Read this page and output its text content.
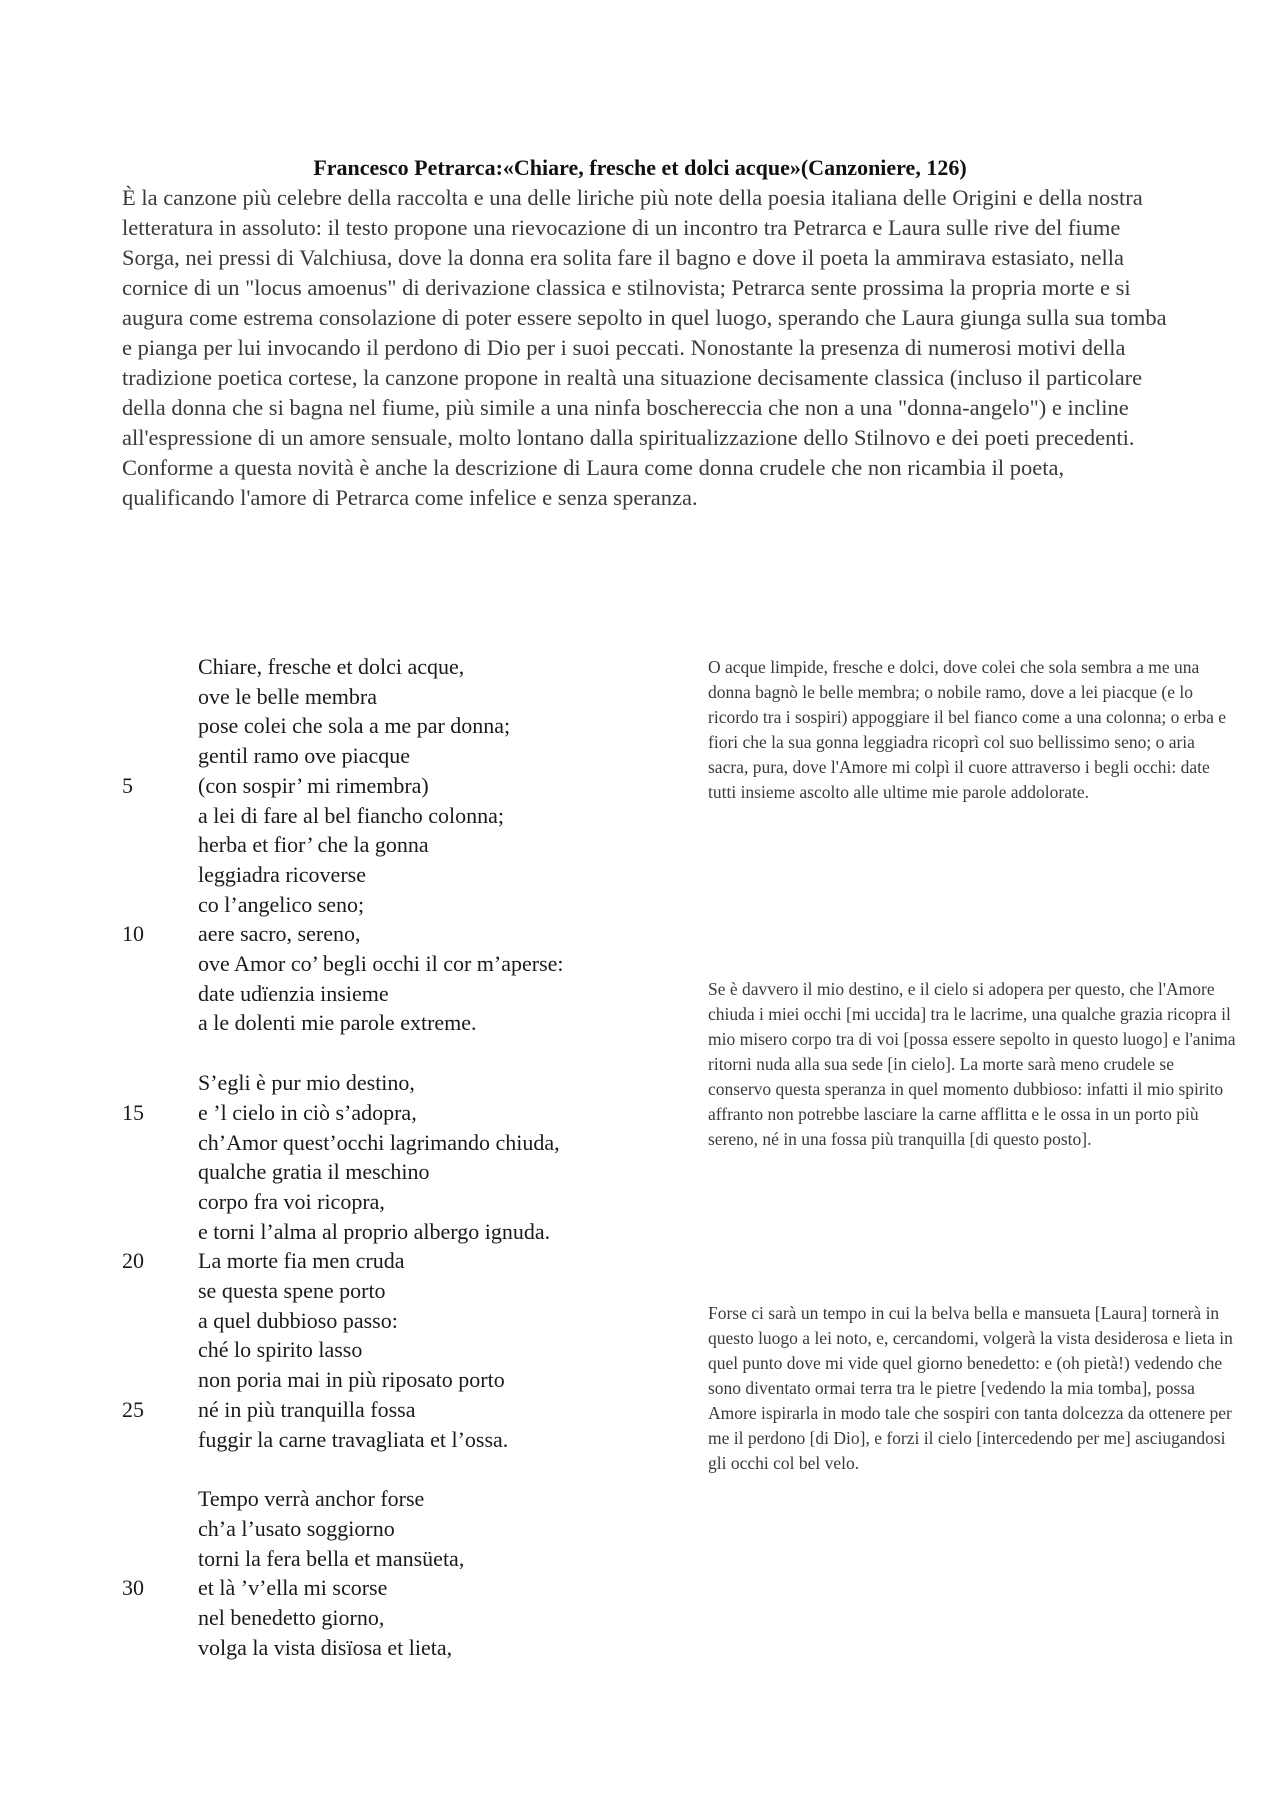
Francesco Petrarca:«Chiare, fresche et dolci acque»(Canzoniere, 126)

È la canzone più celebre della raccolta e una delle liriche più note della poesia italiana delle Origini e della nostra letteratura in assoluto: il testo propone una rievocazione di un incontro tra Petrarca e Laura sulle rive del fiume Sorga, nei pressi di Valchiusa, dove la donna era solita fare il bagno e dove il poeta la ammirava estasiato, nella cornice di un "locus amoenus" di derivazione classica e stilnovista; Petrarca sente prossima la propria morte e si augura come estrema consolazione di poter essere sepolto in quel luogo, sperando che Laura giunga sulla sua tomba e pianga per lui invocando il perdono di Dio per i suoi peccati. Nonostante la presenza di numerosi motivi della tradizione poetica cortese, la canzone propone in realtà una situazione decisamente classica (incluso il particolare della donna che si bagna nel fiume, più simile a una ninfa boschereccia che non a una "donna-angelo") e incline all'espressione di un amore sensuale, molto lontano dalla spiritualizzazione dello Stilnovo e dei poeti precedenti. Conforme a questa novità è anche la descrizione di Laura come donna crudele che non ricambia il poeta, qualificando l'amore di Petrarca come infelice e senza speranza.

Chiare, fresche et dolci acque,
ove le belle membra
pose colei che sola a me par donna;
gentil ramo ove piacque
5	(con sospir’ mi rimembra)
a lei di fare al bel fiancho colonna;
herba et fior’ che la gonna
leggiadra ricoverse
co l’angelico seno;
10 aere sacro, sereno,
ove Amor co’ begli occhi il cor m’aperse:
date udïenzia insieme
a le dolenti mie parole extreme.
S’egli è pur mio destino,
15 e ’l cielo in ciò s’adopra,
ch’Amor quest’occhi lagrimando chiuda,
qualche gratia il meschino
corpo fra voi ricopra,
e torni l’alma al proprio albergo ignuda.
20 La morte fia men cruda
se questa spene porto
a quel dubbioso passo:
ché lo spirito lasso
non poria mai in più riposato porto
25 né in più tranquilla fossa
fuggir la carne travagliata et l’ossa.
Tempo verrà anchor forse
ch’a l’usato soggiorno
torni la fera bella et mansüeta,
30 et là ’v’ella mi scorse
nel benedetto giorno,
volga la vista disïosa et lieta,

O acque limpide, fresche e dolci, dove colei che sola sembra a me una donna bagnò le belle membra; o nobile ramo, dove a lei piacque (e lo ricordo tra i sospiri) appoggiare il bel fianco come a una colonna; o erba e fiori che la sua gonna leggiadra ricoprì col suo bellissimo seno; o aria sacra, pura, dove l'Amore mi colpì il cuore attraverso i begli occhi: date tutti insieme ascolto alle ultime mie parole addolorate.

Se è davvero il mio destino, e il cielo si adopera per questo, che l'Amore chiuda i miei occhi [mi uccida] tra le lacrime, una qualche grazia ricopra il mio misero corpo tra di voi [possa essere sepolto in questo luogo] e l'anima ritorni nuda alla sua sede [in cielo]. La morte sarà meno crudele se conservo questa speranza in quel momento dubbioso: infatti il mio spirito affranto non potrebbe lasciare la carne afflitta e le ossa in un porto più sereno, né in una fossa più tranquilla [di questo posto].

Forse ci sarà un tempo in cui la belva bella e mansueta [Laura] tornerà in questo luogo a lei noto, e, cercandomi, volgerà la vista desiderosa e lieta in quel punto dove mi vide quel giorno benedetto: e (oh pietà!) vedendo che sono diventato ormai terra tra le pietre [vedendo la mia tomba], possa Amore ispirarla in modo tale che sospiri con tanta dolcezza da ottenere per me il perdono [di Dio], e forzi il cielo [intercedendo per me] asciugandosi gli occhi col bel velo.
